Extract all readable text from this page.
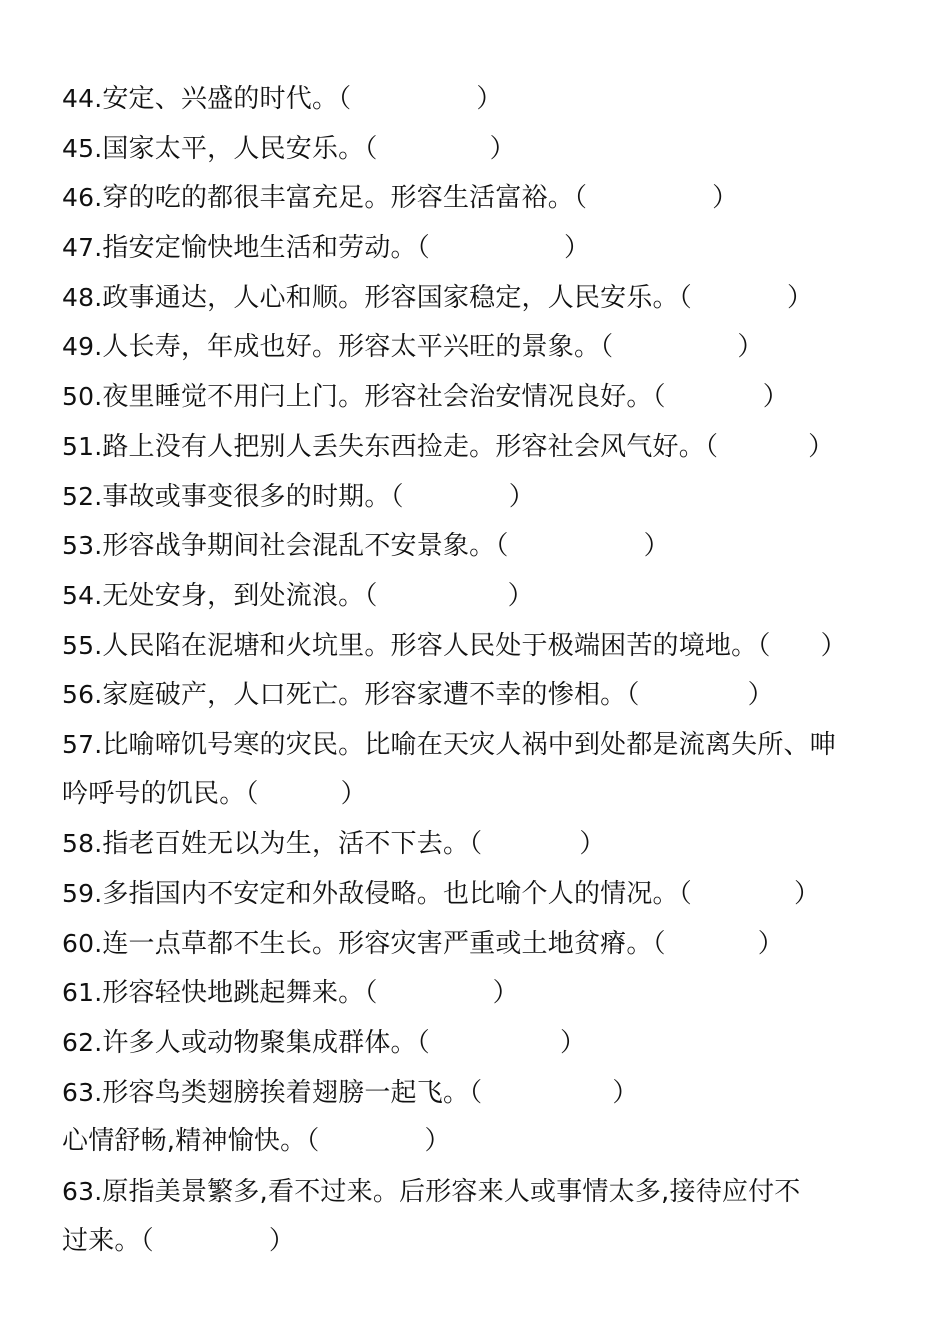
44.安定、兴盛的时代。（	）
45.国家太平，人民安乐。（	）
46.穿的吃的都很丰富充足。形容生活富裕。（	）
47.指安定愉快地生活和劳动。（	）
48.政事通达，人心和顺。形容国家稳定，人民安乐。（	）
49.人长寿，年成也好。形容太平兴旺的景象。（	）
50.夜里睡觉不用闩上门。形容社会治安情况良好。（	）
51.路上没有人把别人丢失东西捡走。形容社会风气好。（	）
52.事故或事变很多的时期。（	）
53.形容战争期间社会混乱不安景象。（	）
54.无处安身，到处流浪。（	）
55.人民陷在泥塘和火坑里。形容人民处于极端困苦的境地。（ ）
56.家庭破产，人口死亡。形容家遭不幸的惨相。（	）
57.比喻啼饥号寒的灾民。比喻在天灾人祸中到处都是流离失所、呻
吟呼号的饥民。（	）
58.指老百姓无以为生，活不下去。（	）
59.多指国内不安定和外敌侵略。也比喻个人的情况。（	）
60.连一点草都不生长。形容灾害严重或土地贫瘠。（	）
61.形容轻快地跳起舞来。（	）
62.许多人或动物聚集成群体。（	）
63.形容鸟类翅膀挨着翅膀一起飞。（	）
心情舒畅,精神愉快。（	）
63.原指美景繁多,看不过来。后形容来人或事情太多,接待应付不
过来。（	）
